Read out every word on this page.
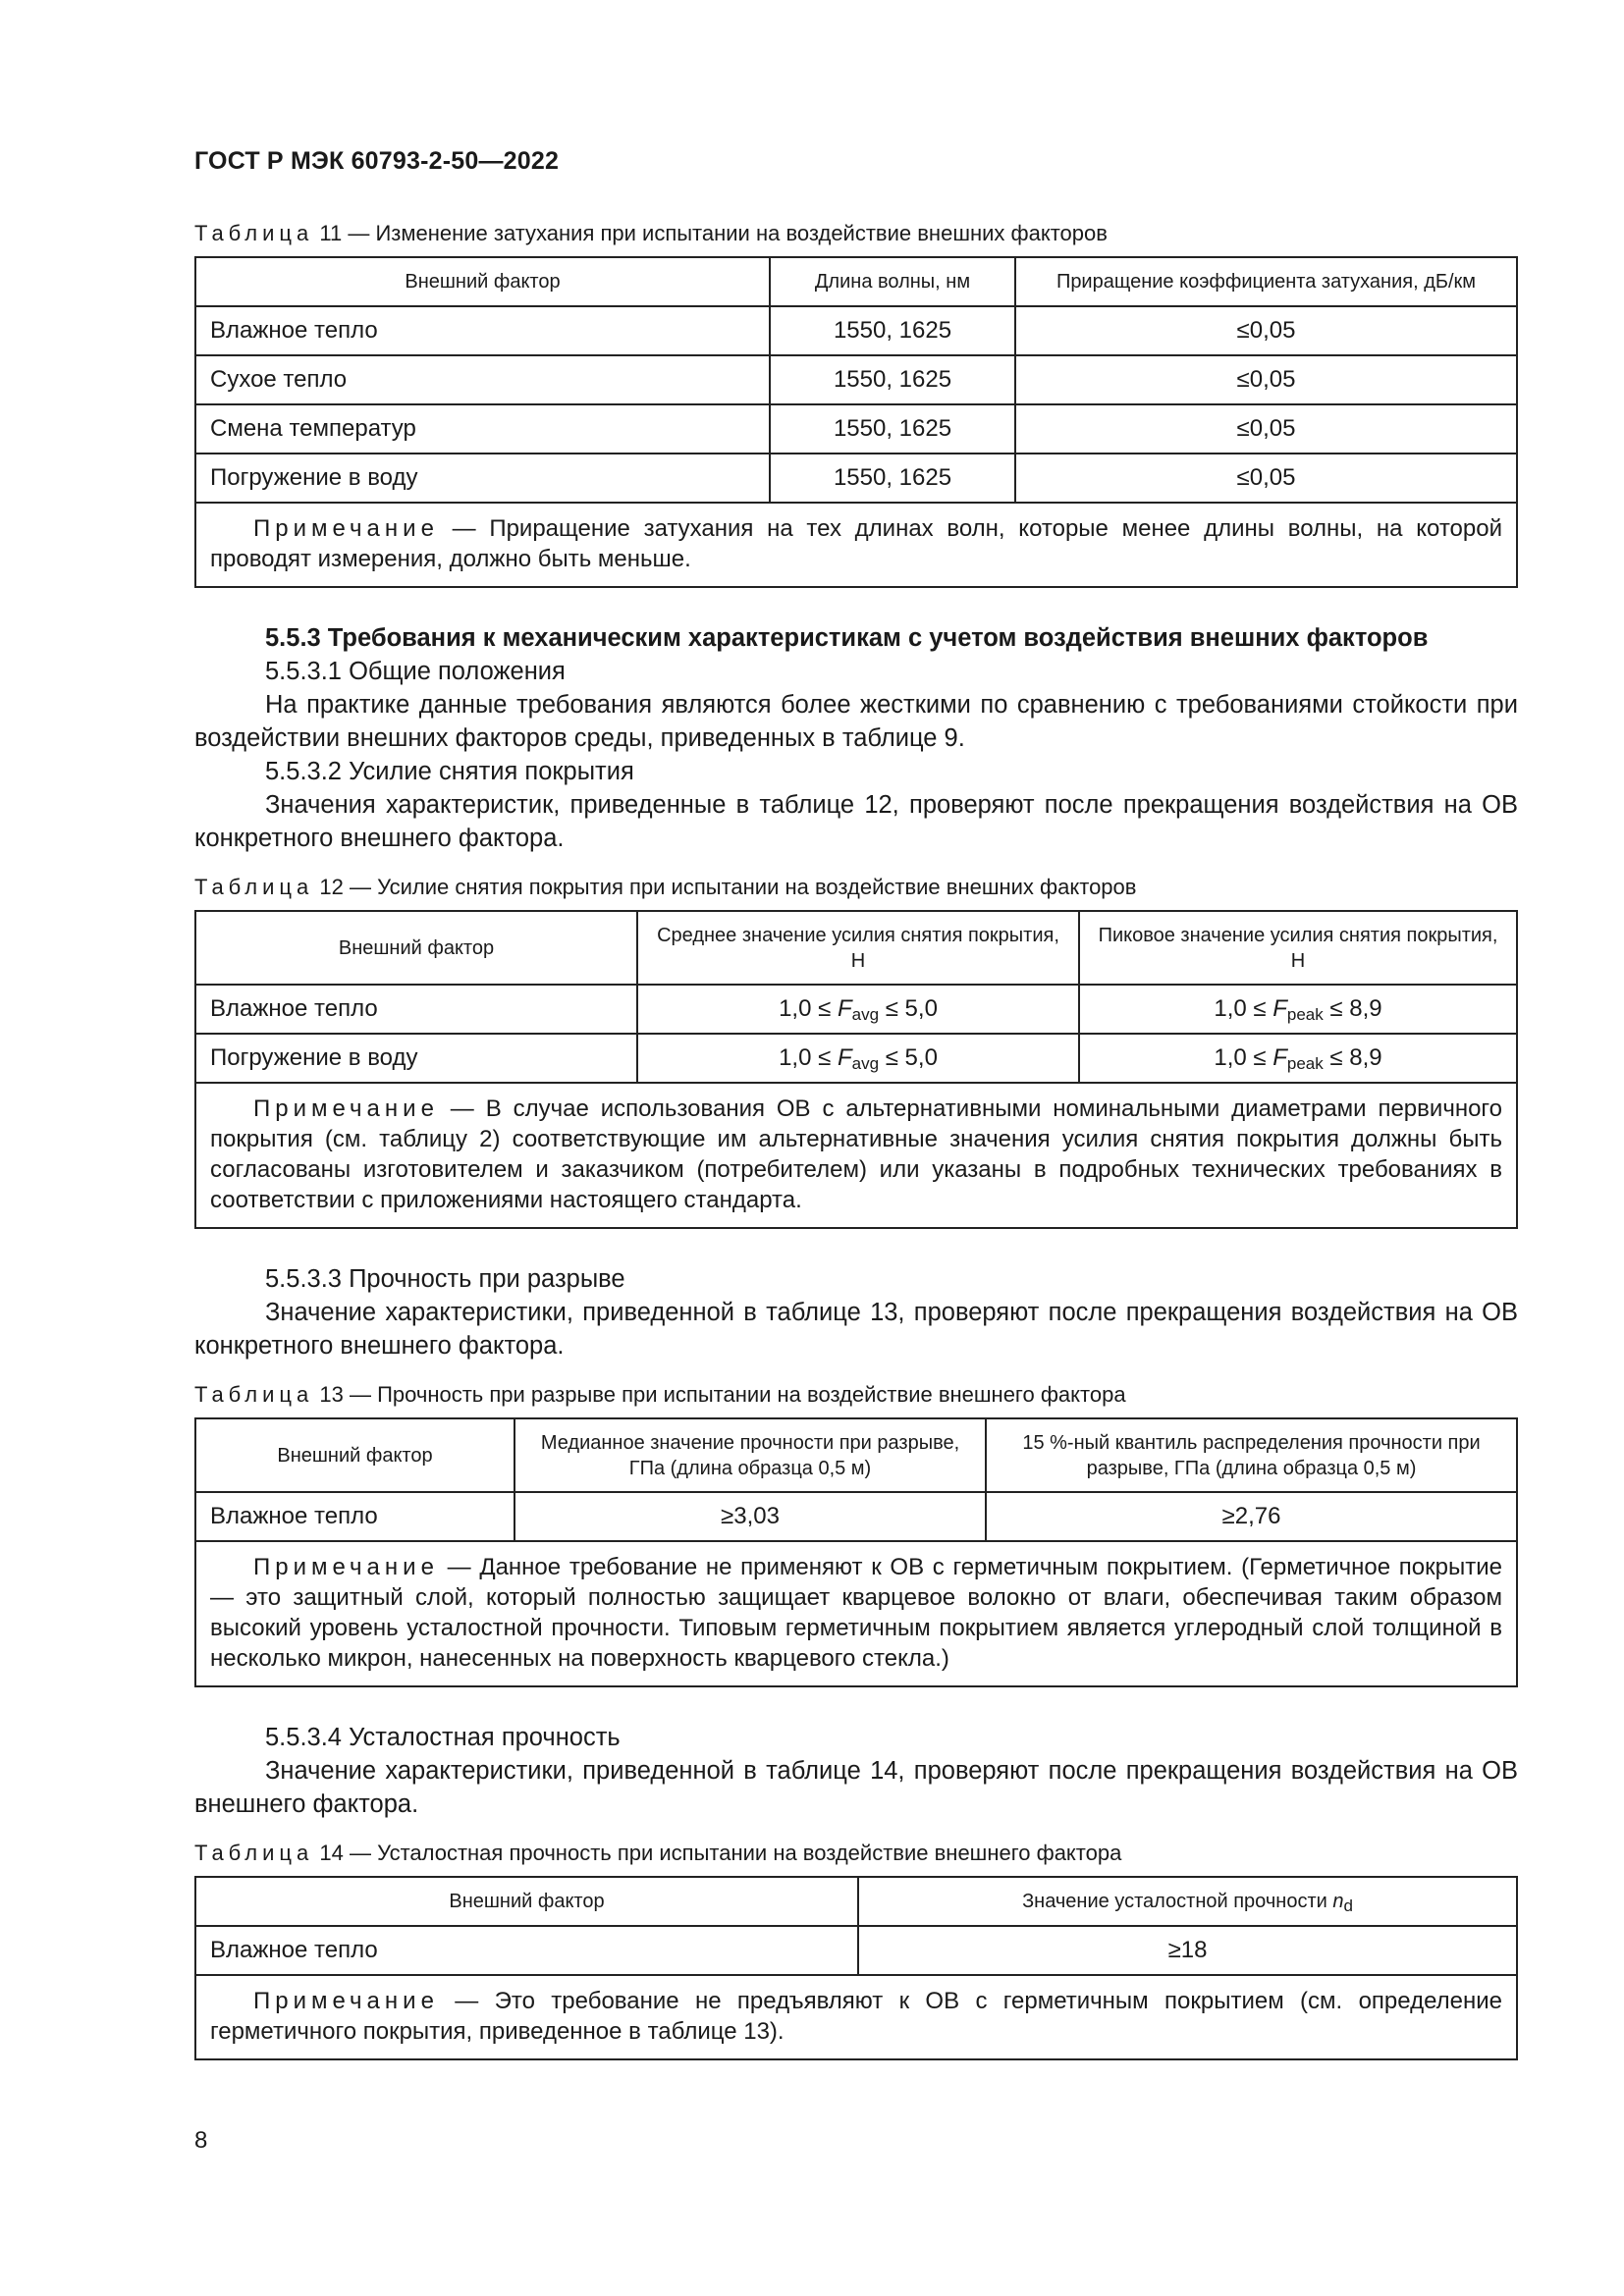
ГОСТ Р МЭК 60793-2-50—2022
Таблица 11 — Изменение затухания при испытании на воздействие внешних факторов
Внешний фактор	Длина волны, нм	Приращение коэффициента затухания, дБ/км
Влажное тепло	1550, 1625	≤0,05
Сухое тепло	1550, 1625	≤0,05
Смена температур	1550, 1625	≤0,05
Погружение в воду	1550, 1625	≤0,05
Примечание — Приращение затухания на тех длинах волн, которые менее длины волны, на которой проводят измерения, должно быть меньше.		

5.5.3 Требования к механическим характеристикам с учетом воздействия внешних факторов

5.5.3.1 Общие положения

На практике данные требования являются более жесткими по сравнению с требованиями стойкости при воздействии внешних факторов среды, приведенных в таблице 9.

5.5.3.2 Усилие снятия покрытия

Значения характеристик, приведенные в таблице 12, проверяют после прекращения воздействия на ОВ конкретного внешнего фактора.

Таблица 12 — Усилие снятия покрытия при испытании на воздействие внешних факторов
Внешний фактор	Среднее значение усилия снятия покрытия, Н	Пиковое значение усилия снятия покрытия, Н
Влажное тепло	$1,0 \le F_{avg} \le 5,0$	$1,0 \le F_{peak} \le 8,9$
Погружение в воду	$1,0 \le F_{avg} \le 5,0$	$1,0 \le F_{peak} \le 8,9$
Примечание — В случае использования ОВ с альтернативными номинальными диаметрами первичного покрытия (см. таблицу 2) соответствующие им альтернативные значения усилия снятия покрытия должны быть согласованы изготовителем и заказчиком (потребителем) или указаны в подробных технических требованиях в соответствии с приложениями настоящего стандарта.		

5.5.3.3 Прочность при разрыве

Значение характеристики, приведенной в таблице 13, проверяют после прекращения воздействия на ОВ конкретного внешнего фактора.

Таблица 13 — Прочность при разрыве при испытании на воздействие внешнего фактора
Внешний фактор	Медианное значение прочности при разрыве, ГПа (длина образца 0,5 м)	15 %-ный квантиль распределения прочности при разрыве, ГПа (длина образца 0,5 м)
Влажное тепло	≥3,03	≥2,76
Примечание — Данное требование не применяют к ОВ с герметичным покрытием. (Герметичное покрытие — это защитный слой, который полностью защищает кварцевое волокно от влаги, обеспечивая таким образом высокий уровень усталостной прочности. Типовым герметичным покрытием является углеродный слой толщиной в несколько микрон, нанесенных на поверхность кварцевого стекла.)		

5.5.3.4 Усталостная прочность

Значение характеристики, приведенной в таблице 14, проверяют после прекращения воздействия на ОВ внешнего фактора.

Таблица 14 — Усталостная прочность при испытании на воздействие внешнего фактора
Внешний фактор	Значение усталостной прочности $n_d$
Влажное тепло	≥18
Примечание — Это требование не предъявляют к ОВ с герметичным покрытием (см. определение герметичного покрытия, приведенное в таблице 13).	
8
